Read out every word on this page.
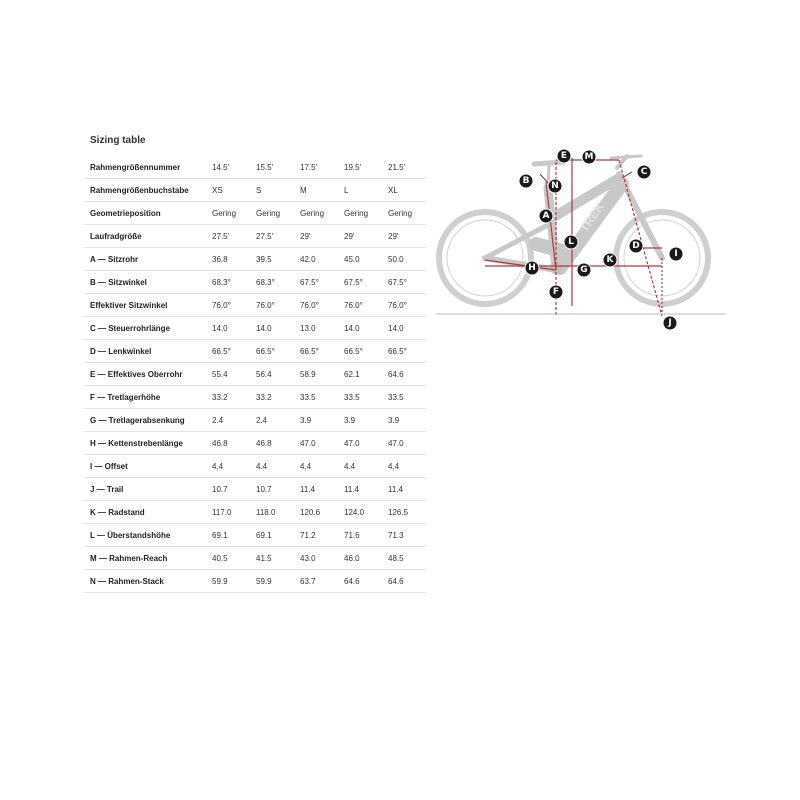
Sizing table
Rahmengrößennummer	14.5'	15.5'	17.5'	19.5'	21.5'
Rahmengrößenbuchstabe	XS	S	M	L	XL
Geometrieposition	Gering	Gering	Gering	Gering	Gering
Laufradgröße	27.5'	27.5'	29'	29'	29'
A — Sitzrohr	36.8	39.5	42.0	45.0	50.0
B — Sitzwinkel	68.3°	68.3°	67.5°	67.5°	67.5°
Effektiver Sitzwinkel	76.0°	76.0°	76.0°	76.0°	76.0°
C — Steuerrohrlänge	14.0	14.0	13.0	14.0	14.0
D — Lenkwinkel	66.5°	66.5°	66.5°	66.5°	66.5°
E — Effektives Oberrohr	55.4	56.4	58.9	62.1	64.6
F — Tretlagerhöhe	33.2	33.2	33.5	33.5	33.5
G — Tretlagerabsenkung	2.4	2.4	3.9	3.9	3.9
H — Kettenstrebenlänge	46.8	46.8	47.0	47.0	47.0
I — Offset	4.4	4.4	4.4	4.4	4.4
J — Trail	10.7	10.7	11.4	11.4	11.4
K — Radstand	117.0	118.0	120.6	124.0	126.5
L — Überstandshöhe	69.1	69.1	71.2	71.6	71.3
M — Rahmen-Reach	40.5	41.5	43.0	46.0	48.5
N — Rahmen-Stack	59.9	59.9	63.7	64.6	64.6
TREK
A
B
C
D
E
F
G
H
I
J
K
L
M
N
